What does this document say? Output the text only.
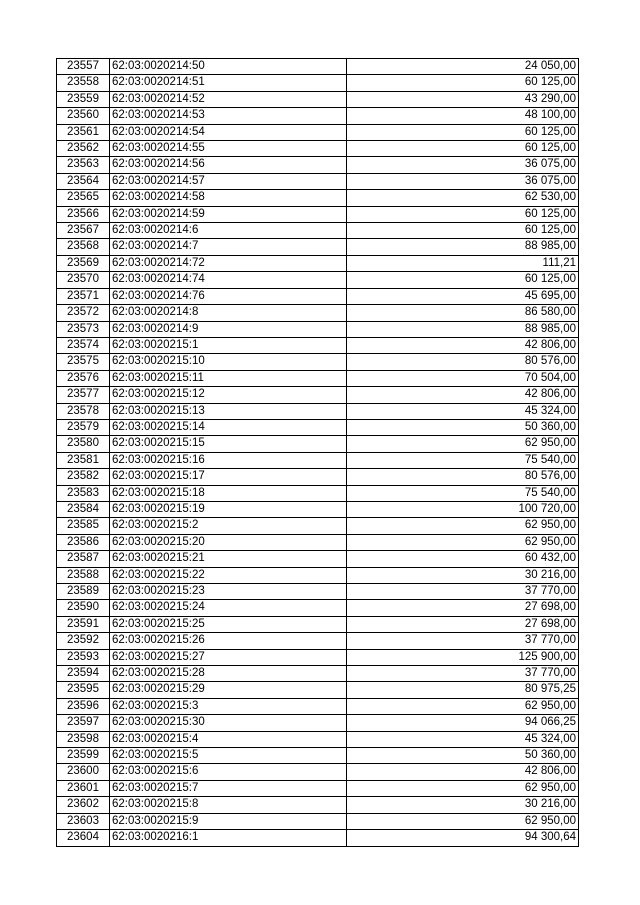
23557	62:03:0020214:50	24 050,00
23558	62:03:0020214:51	60 125,00
23559	62:03:0020214:52	43 290,00
23560	62:03:0020214:53	48 100,00
23561	62:03:0020214:54	60 125,00
23562	62:03:0020214:55	60 125,00
23563	62:03:0020214:56	36 075,00
23564	62:03:0020214:57	36 075,00
23565	62:03:0020214:58	62 530,00
23566	62:03:0020214:59	60 125,00
23567	62:03:0020214:6	60 125,00
23568	62:03:0020214:7	88 985,00
23569	62:03:0020214:72	111,21
23570	62:03:0020214:74	60 125,00
23571	62:03:0020214:76	45 695,00
23572	62:03:0020214:8	86 580,00
23573	62:03:0020214:9	88 985,00
23574	62:03:0020215:1	42 806,00
23575	62:03:0020215:10	80 576,00
23576	62:03:0020215:11	70 504,00
23577	62:03:0020215:12	42 806,00
23578	62:03:0020215:13	45 324,00
23579	62:03:0020215:14	50 360,00
23580	62:03:0020215:15	62 950,00
23581	62:03:0020215:16	75 540,00
23582	62:03:0020215:17	80 576,00
23583	62:03:0020215:18	75 540,00
23584	62:03:0020215:19	100 720,00
23585	62:03:0020215:2	62 950,00
23586	62:03:0020215:20	62 950,00
23587	62:03:0020215:21	60 432,00
23588	62:03:0020215:22	30 216,00
23589	62:03:0020215:23	37 770,00
23590	62:03:0020215:24	27 698,00
23591	62:03:0020215:25	27 698,00
23592	62:03:0020215:26	37 770,00
23593	62:03:0020215:27	125 900,00
23594	62:03:0020215:28	37 770,00
23595	62:03:0020215:29	80 975,25
23596	62:03:0020215:3	62 950,00
23597	62:03:0020215:30	94 066,25
23598	62:03:0020215:4	45 324,00
23599	62:03:0020215:5	50 360,00
23600	62:03:0020215:6	42 806,00
23601	62:03:0020215:7	62 950,00
23602	62:03:0020215:8	30 216,00
23603	62:03:0020215:9	62 950,00
23604	62:03:0020216:1	94 300,64
